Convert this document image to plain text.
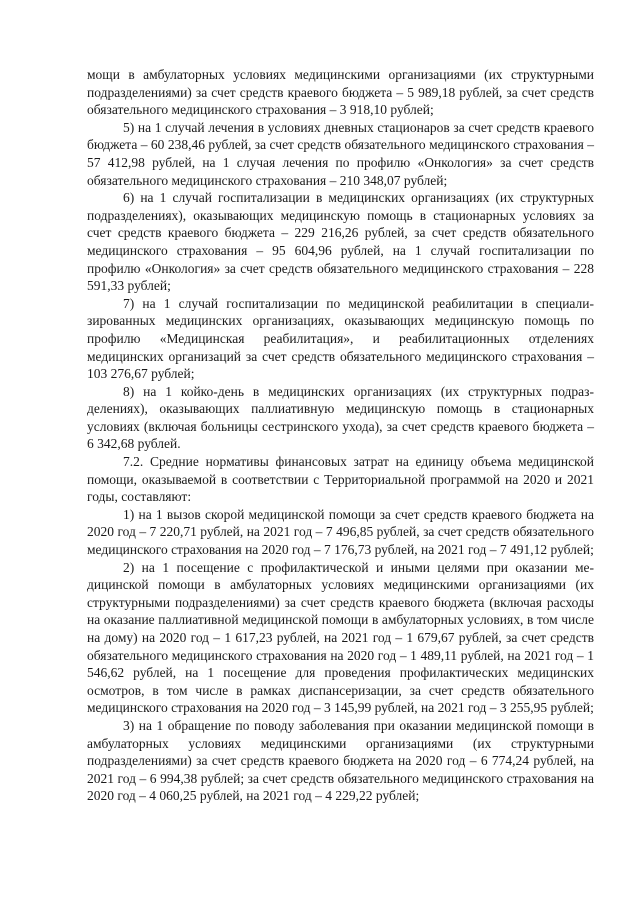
мощи в амбулаторных условиях медицинскими организациями (их структурными подразделениями) за счет средств краевого бюджета – 5 989,18 рублей, за счет средств обязательного медицинского страхования – 3 918,10 рублей;

5) на 1 случай лечения в условиях дневных стационаров за счет средств краевого бюджета – 60 238,46 рублей, за счет средств обязательного медицинского страхования – 57 412,98 рублей, на 1 случая лечения по профилю «Онкология» за счет средств обязательного медицинского страхования – 210 348,07 рублей;

6) на 1 случай госпитализации в медицинских организациях (их структурных подразделениях), оказывающих медицинскую помощь в стационарных условиях за счет средств краевого бюджета – 229 216,26 рублей, за счет средств обязательного медицинского страхования – 95 604,96 рублей, на 1 случай госпитализации по профилю «Онкология» за счет средств обязательного медицинского страхования – 228 591,33 рублей;

7) на 1 случай госпитализации по медицинской реабилитации в специализированных медицинских организациях, оказывающих медицинскую помощь по профилю «Медицинская реабилитация», и реабилитационных отделениях медицинских организаций за счет средств обязательного медицинского страхования – 103 276,67 рублей;

8) на 1 койко-день в медицинских организациях (их структурных подразделениях), оказывающих паллиативную медицинскую помощь в стационарных условиях (включая больницы сестринского ухода), за счет средств краевого бюджета – 6 342,68 рублей.

7.2. Средние нормативы финансовых затрат на единицу объема медицинской помощи, оказываемой в соответствии с Территориальной программой на 2020 и 2021 годы, составляют:

1) на 1 вызов скорой медицинской помощи за счет средств краевого бюджета на 2020 год – 7 220,71 рублей, на 2021 год – 7 496,85 рублей, за счет средств обязательного медицинского страхования на 2020 год – 7 176,73 рублей, на 2021 год – 7 491,12 рублей;

2) на 1 посещение с профилактической и иными целями при оказании медицинской помощи в амбулаторных условиях медицинскими организациями (их структурными подразделениями) за счет средств краевого бюджета (включая расходы на оказание паллиативной медицинской помощи в амбулаторных условиях, в том числе на дому) на 2020 год – 1 617,23 рублей, на 2021 год – 1 679,67 рублей, за счет средств обязательного медицинского страхования на 2020 год – 1 489,11 рублей, на 2021 год – 1 546,62 рублей, на 1 посещение для проведения профилактических медицинских осмотров, в том числе в рамках диспансеризации, за счет средств обязательного медицинского страхования на 2020 год – 3 145,99 рублей, на 2021 год – 3 255,95 рублей;

3) на 1 обращение по поводу заболевания при оказании медицинской помощи в амбулаторных условиях медицинскими организациями (их структурными подразделениями) за счет средств краевого бюджета на 2020 год – 6 774,24 рублей, на 2021 год – 6 994,38 рублей; за счет средств обязательного медицинского страхования на 2020 год – 4 060,25 рублей, на 2021 год – 4 229,22 рублей;
